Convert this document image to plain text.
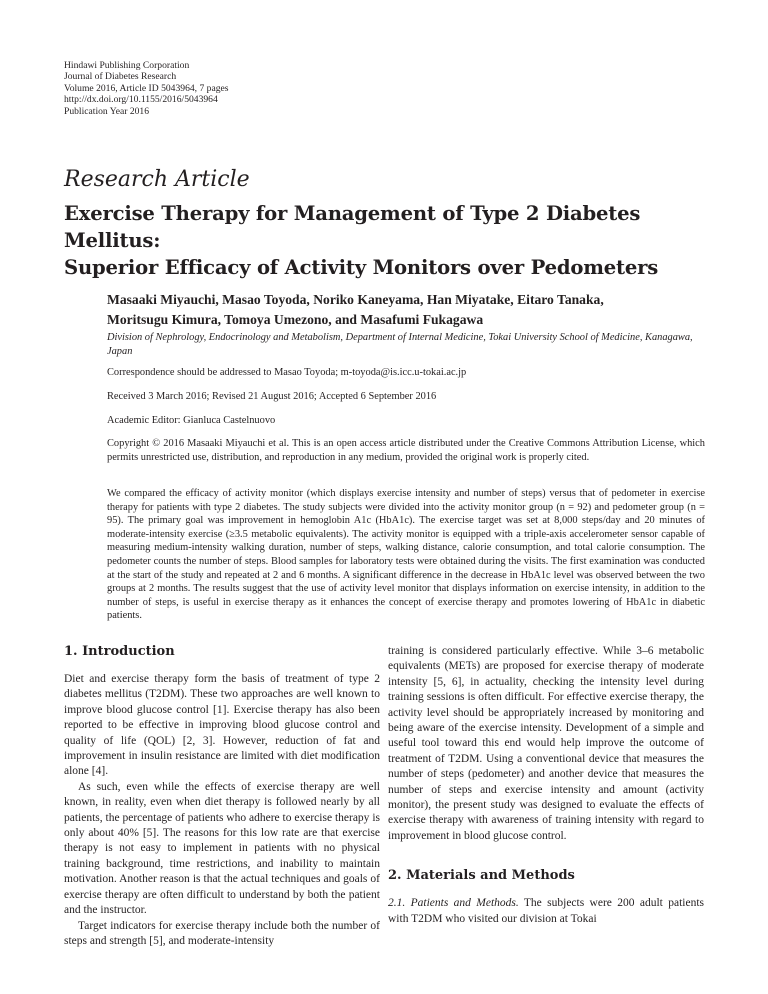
Hindawi Publishing Corporation
Journal of Diabetes Research
Volume 2016, Article ID 5043964, 7 pages
http://dx.doi.org/10.1155/2016/5043964
Publication Year 2016
Research Article
Exercise Therapy for Management of Type 2 Diabetes Mellitus:
Superior Efficacy of Activity Monitors over Pedometers
Masaaki Miyauchi, Masao Toyoda, Noriko Kaneyama, Han Miyatake, Eitaro Tanaka,
Moritsugu Kimura, Tomoya Umezono, and Masafumi Fukagawa
Division of Nephrology, Endocrinology and Metabolism, Department of Internal Medicine, Tokai University School of Medicine, Kanagawa, Japan
Correspondence should be addressed to Masao Toyoda; m-toyoda@is.icc.u-tokai.ac.jp
Received 3 March 2016; Revised 21 August 2016; Accepted 6 September 2016
Academic Editor: Gianluca Castelnuovo
Copyright © 2016 Masaaki Miyauchi et al. This is an open access article distributed under the Creative Commons Attribution License, which permits unrestricted use, distribution, and reproduction in any medium, provided the original work is properly cited.
We compared the efficacy of activity monitor (which displays exercise intensity and number of steps) versus that of pedometer in exercise therapy for patients with type 2 diabetes. The study subjects were divided into the activity monitor group (n = 92) and pedometer group (n = 95). The primary goal was improvement in hemoglobin A1c (HbA1c). The exercise target was set at 8,000 steps/day and 20 minutes of moderate-intensity exercise (≥3.5 metabolic equivalents). The activity monitor is equipped with a triple-axis accelerometer sensor capable of measuring medium-intensity walking duration, number of steps, walking distance, calorie consumption, and total calorie consumption. The pedometer counts the number of steps. Blood samples for laboratory tests were obtained during the visits. The first examination was conducted at the start of the study and repeated at 2 and 6 months. A significant difference in the decrease in HbA1c level was observed between the two groups at 2 months. The results suggest that the use of activity level monitor that displays information on exercise intensity, in addition to the number of steps, is useful in exercise therapy as it enhances the concept of exercise therapy and promotes lowering of HbA1c in diabetic patients.
1. Introduction

Diet and exercise therapy form the basis of treatment of type 2 diabetes mellitus (T2DM). These two approaches are well known to improve blood glucose control [1]. Exercise therapy has also been reported to be effective in improving blood glucose control and quality of life (QOL) [2, 3]. However, reduction of fat and improvement in insulin resistance are limited with diet modification alone [4].

As such, even while the effects of exercise therapy are well known, in reality, even when diet therapy is followed nearly by all patients, the percentage of patients who adhere to exercise therapy is only about 40% [5]. The reasons for this low rate are that exercise therapy is not easy to implement in patients with no physical training background, time restrictions, and inability to maintain motivation. Another reason is that the actual techniques and goals of exercise therapy are often difficult to understand by both the patient and the instructor.

Target indicators for exercise therapy include both the number of steps and strength [5], and moderate-intensity

training is considered particularly effective. While 3–6 metabolic equivalents (METs) are proposed for exercise therapy of moderate intensity [5, 6], in actuality, checking the intensity level during training sessions is often difficult. For effective exercise therapy, the activity level should be appropriately increased by monitoring and being aware of the exercise intensity. Development of a simple and useful tool toward this end would help improve the outcome of treatment of T2DM. Using a conventional device that measures the number of steps (pedometer) and another device that measures the number of steps and exercise intensity and amount (activity monitor), the present study was designed to evaluate the effects of exercise therapy with awareness of training intensity with regard to improvement in blood glucose control.

2. Materials and Methods

2.1. Patients and Methods. The subjects were 200 adult patients with T2DM who visited our division at Tokai
